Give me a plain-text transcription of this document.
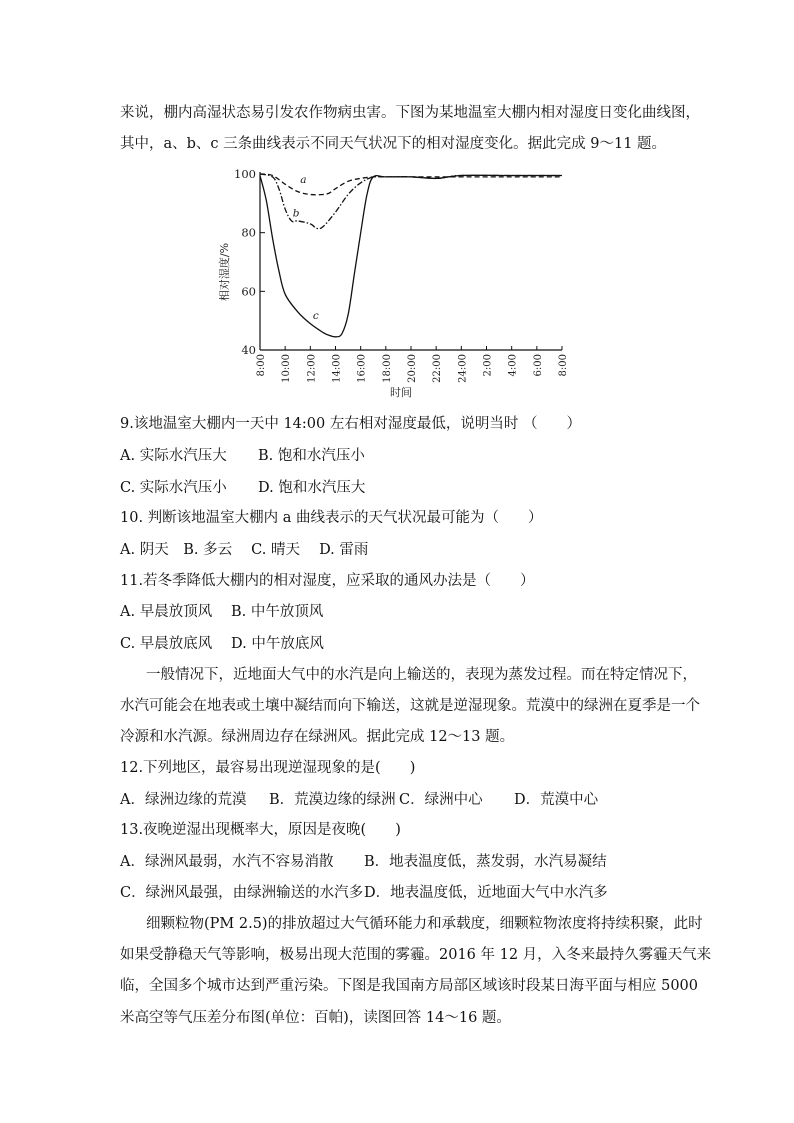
来说，棚内高湿状态易引发农作物病虫害。下图为某地温室大棚内相对湿度日变化曲线图，
其中，a、b、c 三条曲线表示不同天气状况下的相对湿度变化。据此完成 9～11 题。
100
80
60
40
8:00 10:00 12:00 14:00 16:00 18:00 20:00 22:00 24:00 2:00 4:00 6:00 8:00
时间
相对湿度/%
a
b
c
9.该地温室大棚内一天中 14:00 左右相对湿度最低，说明当时 （　　）
A. 实际水汽压大 B. 饱和水汽压小
C. 实际水汽压小 D. 饱和水汽压大
10. 判断该地温室大棚内 a 曲线表示的天气状况最可能为（　　）
A. 阴天　B. 多云　 C. 晴天　 D. 雷雨
11.若冬季降低大棚内的相对湿度，应采取的通风办法是（　　）
A. 早晨放顶风 B. 中午放顶风
C. 早晨放底风 D. 中午放底风
一般情况下，近地面大气中的水汽是向上输送的，表现为蒸发过程。而在特定情况下，
水汽可能会在地表或土壤中凝结而向下输送，这就是逆湿现象。荒漠中的绿洲在夏季是一个
冷源和水汽源。绿洲周边存在绿洲风。据此完成 12～13 题。
12.下列地区，最容易出现逆湿现象的是(　　)
A．绿洲边缘的荒漠 B．荒漠边缘的绿洲 C．绿洲中心 D．荒漠中心
13.夜晚逆湿出现概率大，原因是夜晚(　　)
A．绿洲风最弱，水汽不容易消散 B．地表温度低，蒸发弱，水汽易凝结
C．绿洲风最强，由绿洲输送的水汽多 D．地表温度低，近地面大气中水汽多
细颗粒物(PM 2.5)的排放超过大气循环能力和承载度，细颗粒物浓度将持续积聚，此时
如果受静稳天气等影响，极易出现大范围的雾霾。2016 年 12 月，入冬来最持久雾霾天气来
临，全国多个城市达到严重污染。下图是我国南方局部区域该时段某日海平面与相应 5000
米高空等气压差分布图(单位：百帕)，读图回答 14～16 题。
